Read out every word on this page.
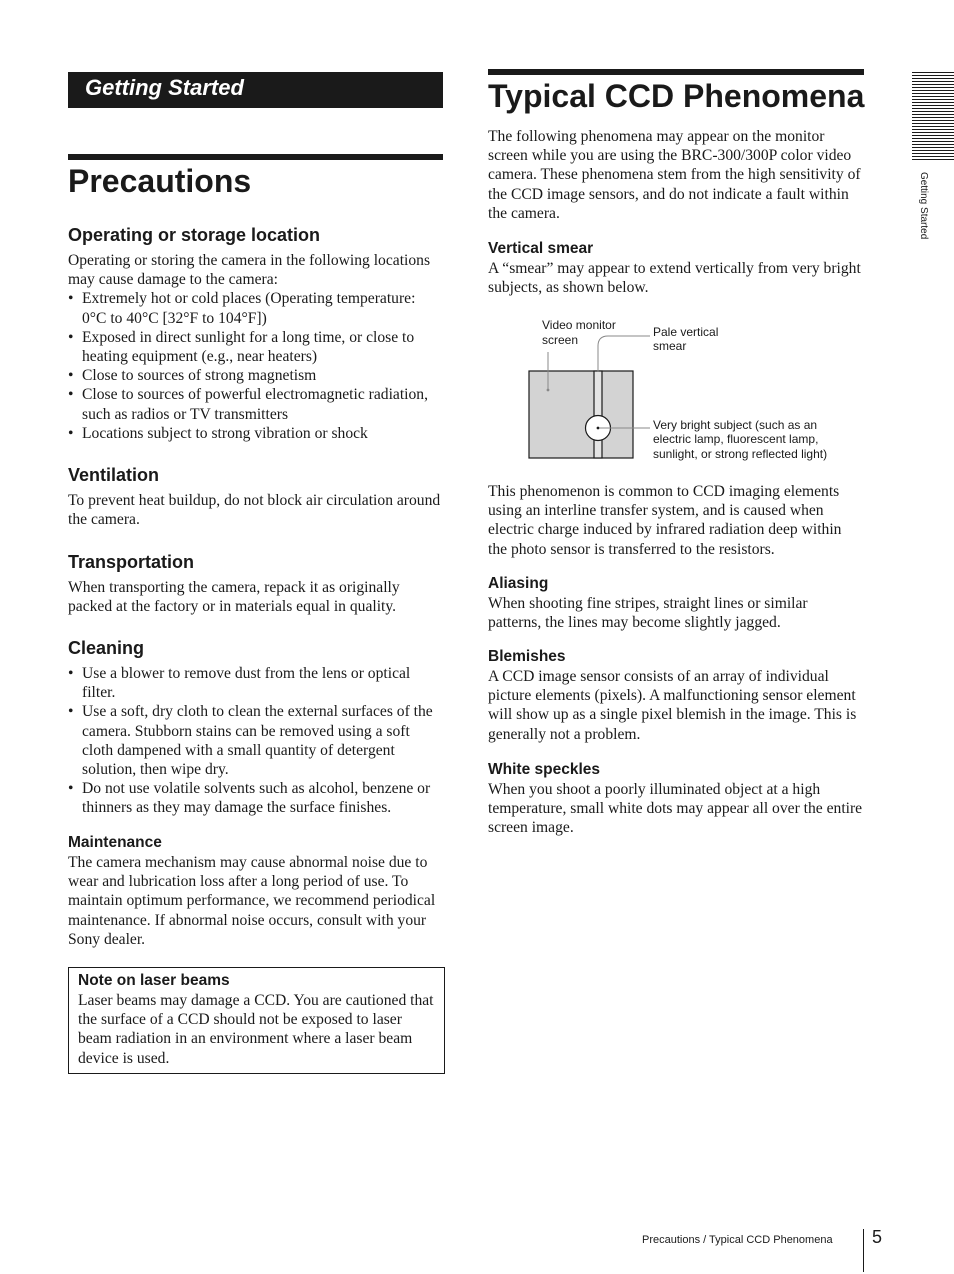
Getting Started
Precautions
Operating or storage location

Operating or storing the camera in the following locations may cause damage to the camera:

• Extremely hot or cold places (Operating temperature: 0°C to 40°C [32°F to 104°F])
• Exposed in direct sunlight for a long time, or close to heating equipment (e.g., near heaters)
• Close to sources of strong magnetism
• Close to sources of powerful electromagnetic radiation, such as radios or TV transmitters
• Locations subject to strong vibration or shock
Ventilation

To prevent heat buildup, do not block air circulation around the camera.

Transportation

When transporting the camera, repack it as originally packed at the factory or in materials equal in quality.

Cleaning
• Use a blower to remove dust from the lens or optical filter.
• Use a soft, dry cloth to clean the external surfaces of the camera. Stubborn stains can be removed using a soft cloth dampened with a small quantity of detergent solution, then wipe dry.
• Do not use volatile solvents such as alcohol, benzene or thinners as they may damage the surface finishes.
Maintenance

The camera mechanism may cause abnormal noise due to wear and lubrication loss after a long period of use. To maintain optimum performance, we recommend periodical maintenance. If abnormal noise occurs, consult with your Sony dealer.

Note on laser beams

Laser beams may damage a CCD. You are cautioned that the surface of a CCD should not be exposed to laser beam radiation in an environment where a laser beam device is used.

Typical CCD Phenomena

The following phenomena may appear on the monitor screen while you are using the BRC-300/300P color video camera. These phenomena stem from the high sensitivity of the CCD image sensors, and do not indicate a fault within the camera.

Vertical smear

A “smear” may appear to extend vertically from very bright subjects, as shown below.

Video monitor screen
Pale vertical smear
Very bright subject (such as an electric lamp, fluorescent lamp, sunlight, or strong reflected light)

This phenomenon is common to CCD imaging elements using an interline transfer system, and is caused when electric charge induced by infrared radiation deep within the photo sensor is transferred to the resistors.

Aliasing

When shooting fine stripes, straight lines or similar patterns, the lines may become slightly jagged.

Blemishes

A CCD image sensor consists of an array of individual picture elements (pixels). A malfunctioning sensor element will show up as a single pixel blemish in the image. This is generally not a problem.

White speckles

When you shoot a poorly illuminated object at a high temperature, small white dots may appear all over the entire screen image.

Getting Started
Precautions / Typical CCD Phenomena 5
